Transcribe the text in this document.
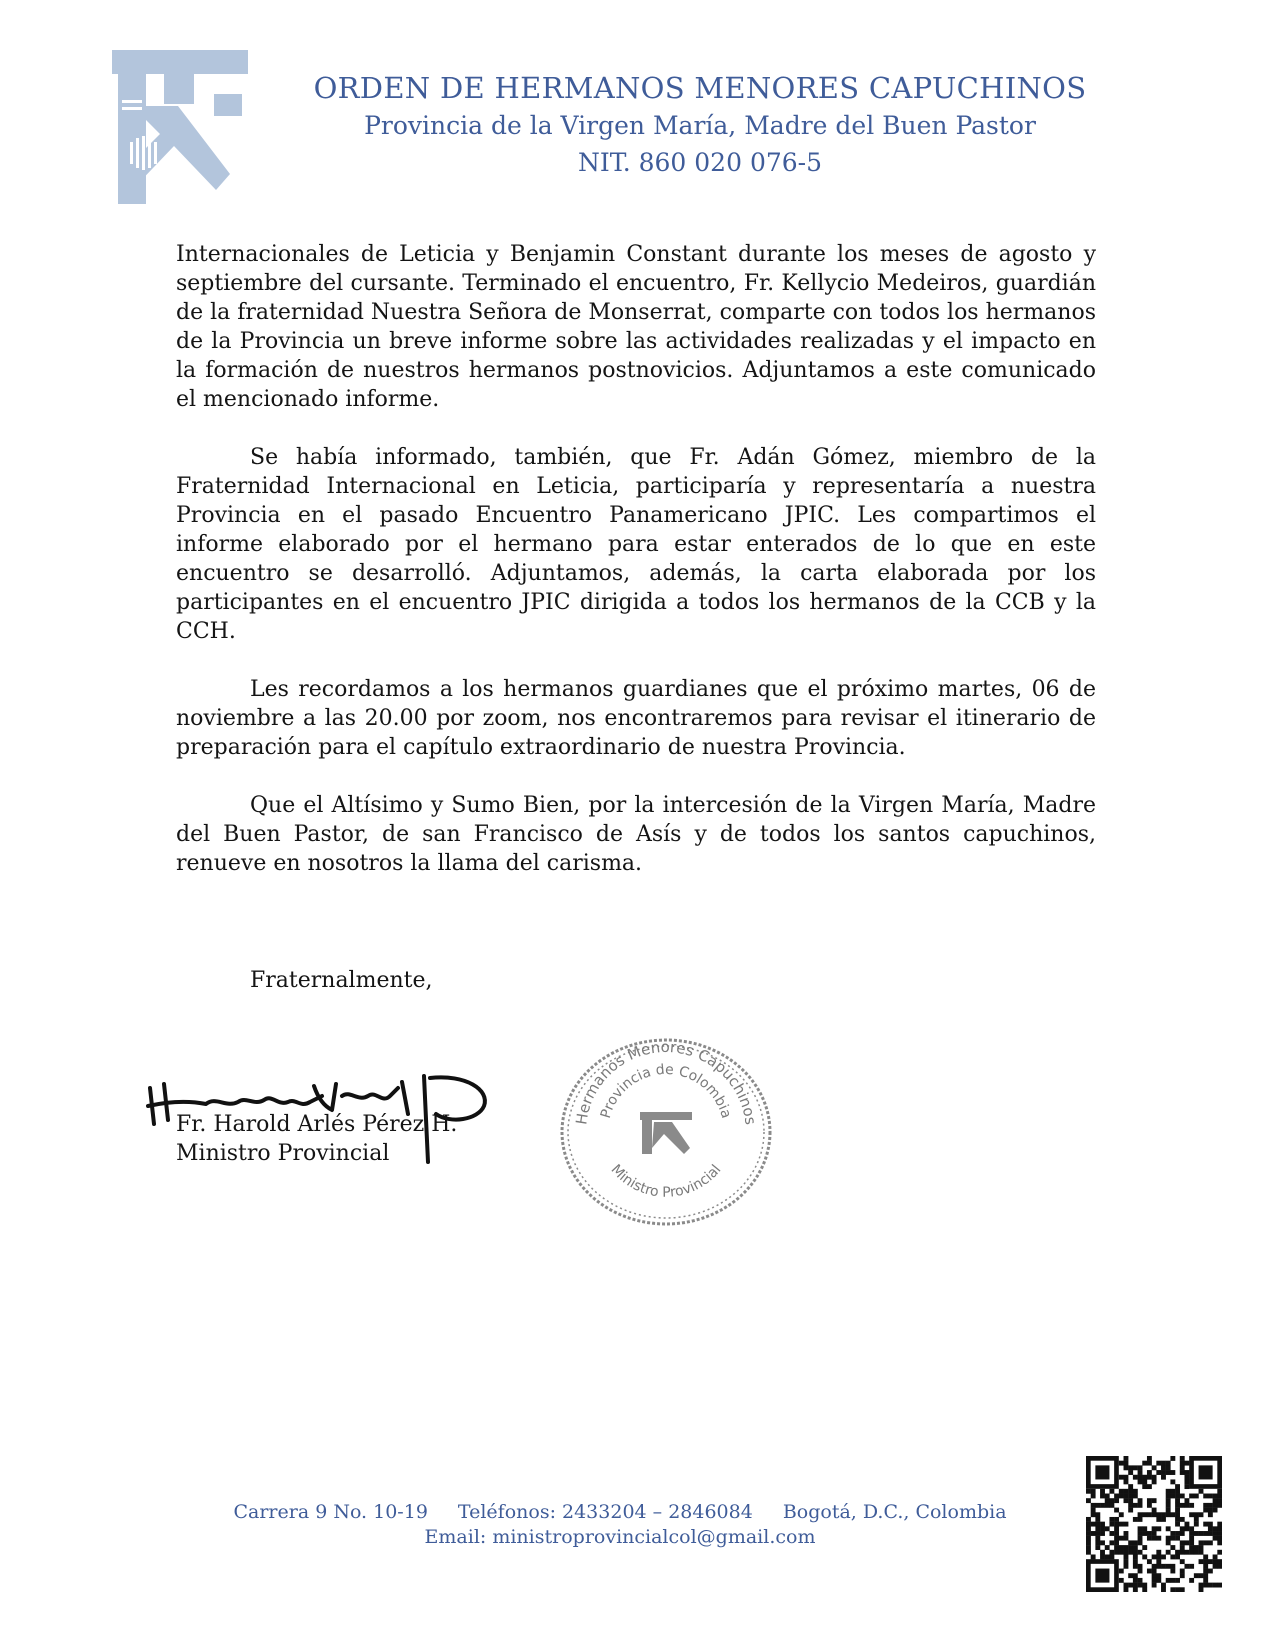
ORDEN DE HERMANOS MENORES CAPUCHINOS
Provincia de la Virgen María, Madre del Buen Pastor
NIT. 860 020 076-5

Internacionales de Leticia y Benjamin Constant durante los meses de agosto y septiembre del cursante. Terminado el encuentro, Fr. Kellycio Medeiros, guardián de la fraternidad Nuestra Señora de Monserrat, comparte con todos los hermanos de la Provincia un breve informe sobre las actividades realizadas y el impacto en la formación de nuestros hermanos postnovicios. Adjuntamos a este comunicado el mencionado informe.

Se había informado, también, que Fr. Adán Gómez, miembro de la Fraternidad Internacional en Leticia, participaría y representaría a nuestra Provincia en el pasado Encuentro Panamericano JPIC. Les compartimos el informe elaborado por el hermano para estar enterados de lo que en este encuentro se desarrolló. Adjuntamos, además, la carta elaborada por los participantes en el encuentro JPIC dirigida a todos los hermanos de la CCB y la CCH.

Les recordamos a los hermanos guardianes que el próximo martes, 06 de noviembre a las 20.00 por zoom, nos encontraremos para revisar el itinerario de preparación para el capítulo extraordinario de nuestra Provincia.

Que el Altísimo y Sumo Bien, por la intercesión de la Virgen María, Madre del Buen Pastor, de san Francisco de Asís y de todos los santos capuchinos, renueve en nosotros la llama del carisma.

Fraternalmente,
Fr. Harold Arlés Pérez H.
Ministro Provincial
Hermanos Menores Capuchinos
Provincia de Colombia
Ministro Provincial
Carrera 9 No. 10-19 Teléfonos: 2433204 – 2846084 Bogotá, D.C., Colombia
Email: ministroprovincialcol@gmail.com
